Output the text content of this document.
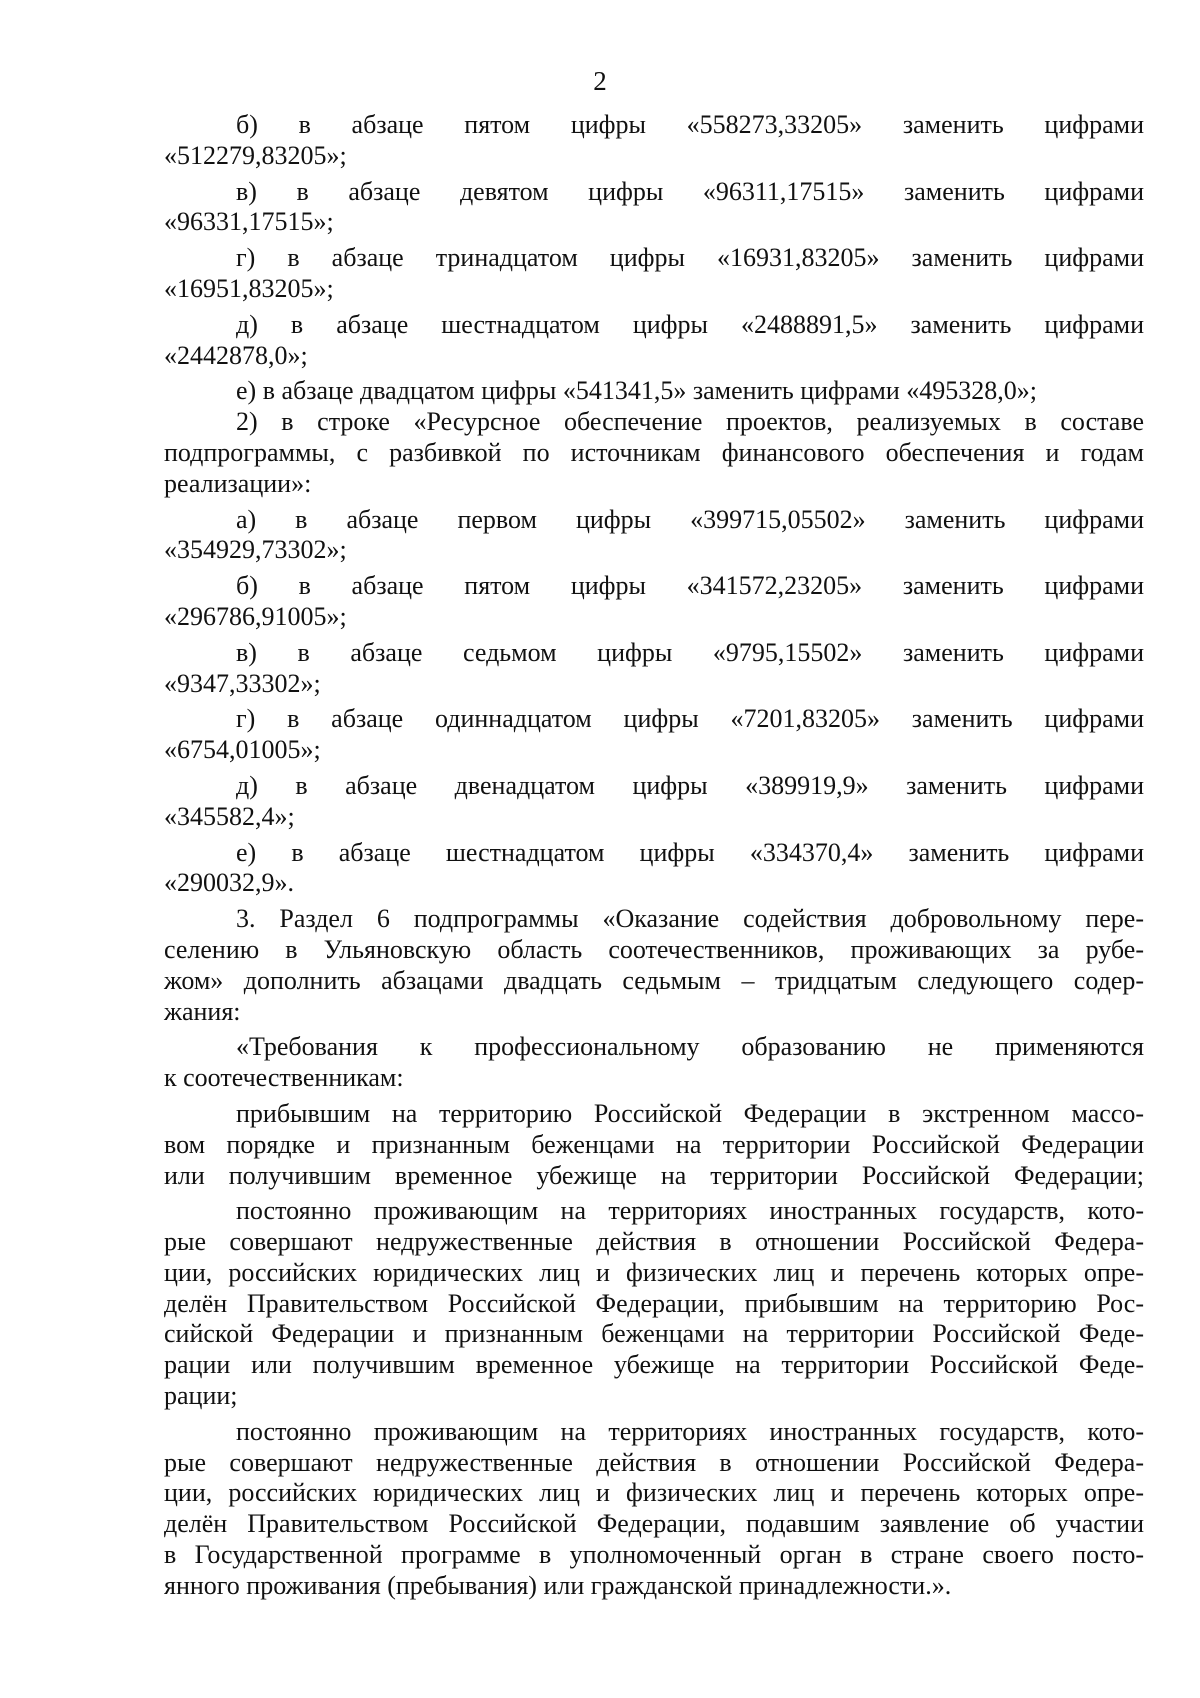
2
б) в абзаце пятом цифры «558273,33205» заменить цифрами
«512279,83205»;
в) в абзаце девятом цифры «96311,17515» заменить цифрами
«96331,17515»;
г) в абзаце тринадцатом цифры «16931,83205» заменить цифрами
«16951,83205»;
д) в абзаце шестнадцатом цифры «2488891,5» заменить цифрами
«2442878,0»;
е) в абзаце двадцатом цифры «541341,5» заменить цифрами «495328,0»;
2) в строке «Ресурсное обеспечение проектов, реализуемых в составе
подпрограммы, с разбивкой по источникам финансового обеспечения и годам
реализации»:
а) в абзаце первом цифры «399715,05502» заменить цифрами
«354929,73302»;
б) в абзаце пятом цифры «341572,23205» заменить цифрами
«296786,91005»;
в) в абзаце седьмом цифры «9795,15502» заменить цифрами
«9347,33302»;
г) в абзаце одиннадцатом цифры «7201,83205» заменить цифрами
«6754,01005»;
д) в абзаце двенадцатом цифры «389919,9» заменить цифрами
«345582,4»;
е) в абзаце шестнадцатом цифры «334370,4» заменить цифрами
«290032,9».
3. Раздел 6 подпрограммы «Оказание содействия добровольному пере-
селению в Ульяновскую область соотечественников, проживающих за рубе-
жом» дополнить абзацами двадцать седьмым – тридцатым следующего содер-
жания:
«Требования к профессиональному образованию не применяются
к соотечественникам:
прибывшим на территорию Российской Федерации в экстренном массо-
вом порядке и признанным беженцами на территории Российской Федерации
или получившим временное убежище на территории Российской Федерации;
постоянно проживающим на территориях иностранных государств, кото-
рые совершают недружественные действия в отношении Российской Федера-
ции, российских юридических лиц и физических лиц и перечень которых опре-
делён Правительством Российской Федерации, прибывшим на территорию Рос-
сийской Федерации и признанным беженцами на территории Российской Феде-
рации или получившим временное убежище на территории Российской Феде-
рации;
постоянно проживающим на территориях иностранных государств, кото-
рые совершают недружественные действия в отношении Российской Федера-
ции, российских юридических лиц и физических лиц и перечень которых опре-
делён Правительством Российской Федерации, подавшим заявление об участии
в Государственной программе в уполномоченный орган в стране своего посто-
янного проживания (пребывания) или гражданской принадлежности.».
